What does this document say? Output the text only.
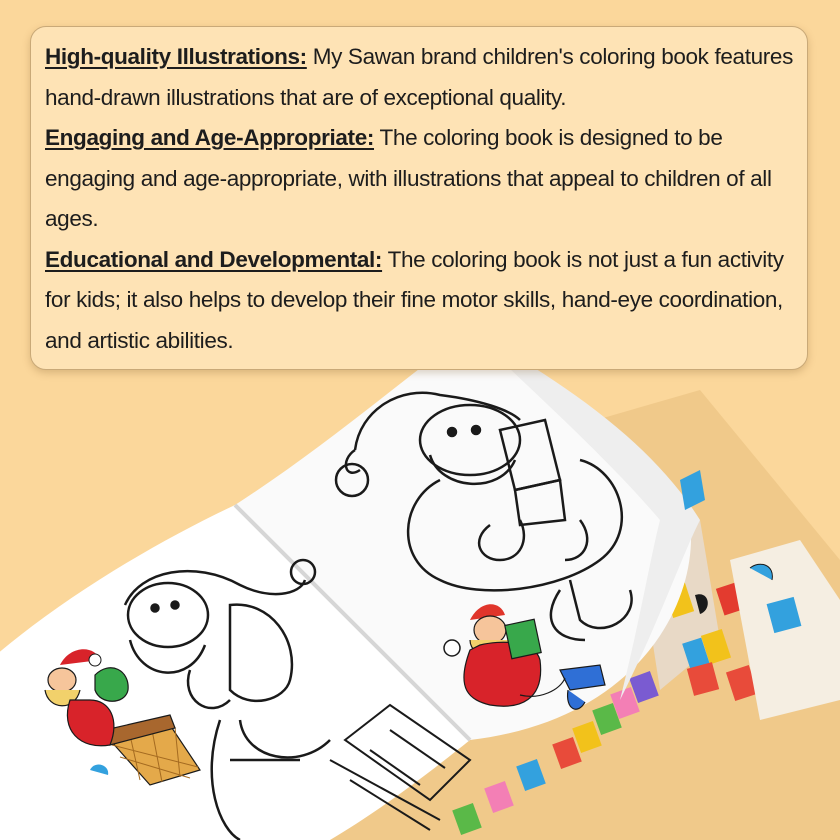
High-quality Illustrations: My Sawan brand children's coloring book features hand-drawn illustrations that are of exceptional quality.

Engaging and Age-Appropriate: The coloring book is designed to be engaging and age-appropriate, with illustrations that appeal to children of all ages.

Educational and Developmental: The coloring book is not just a fun activity for kids; it also helps to develop their fine motor skills, hand-eye coordination, and artistic abilities.
